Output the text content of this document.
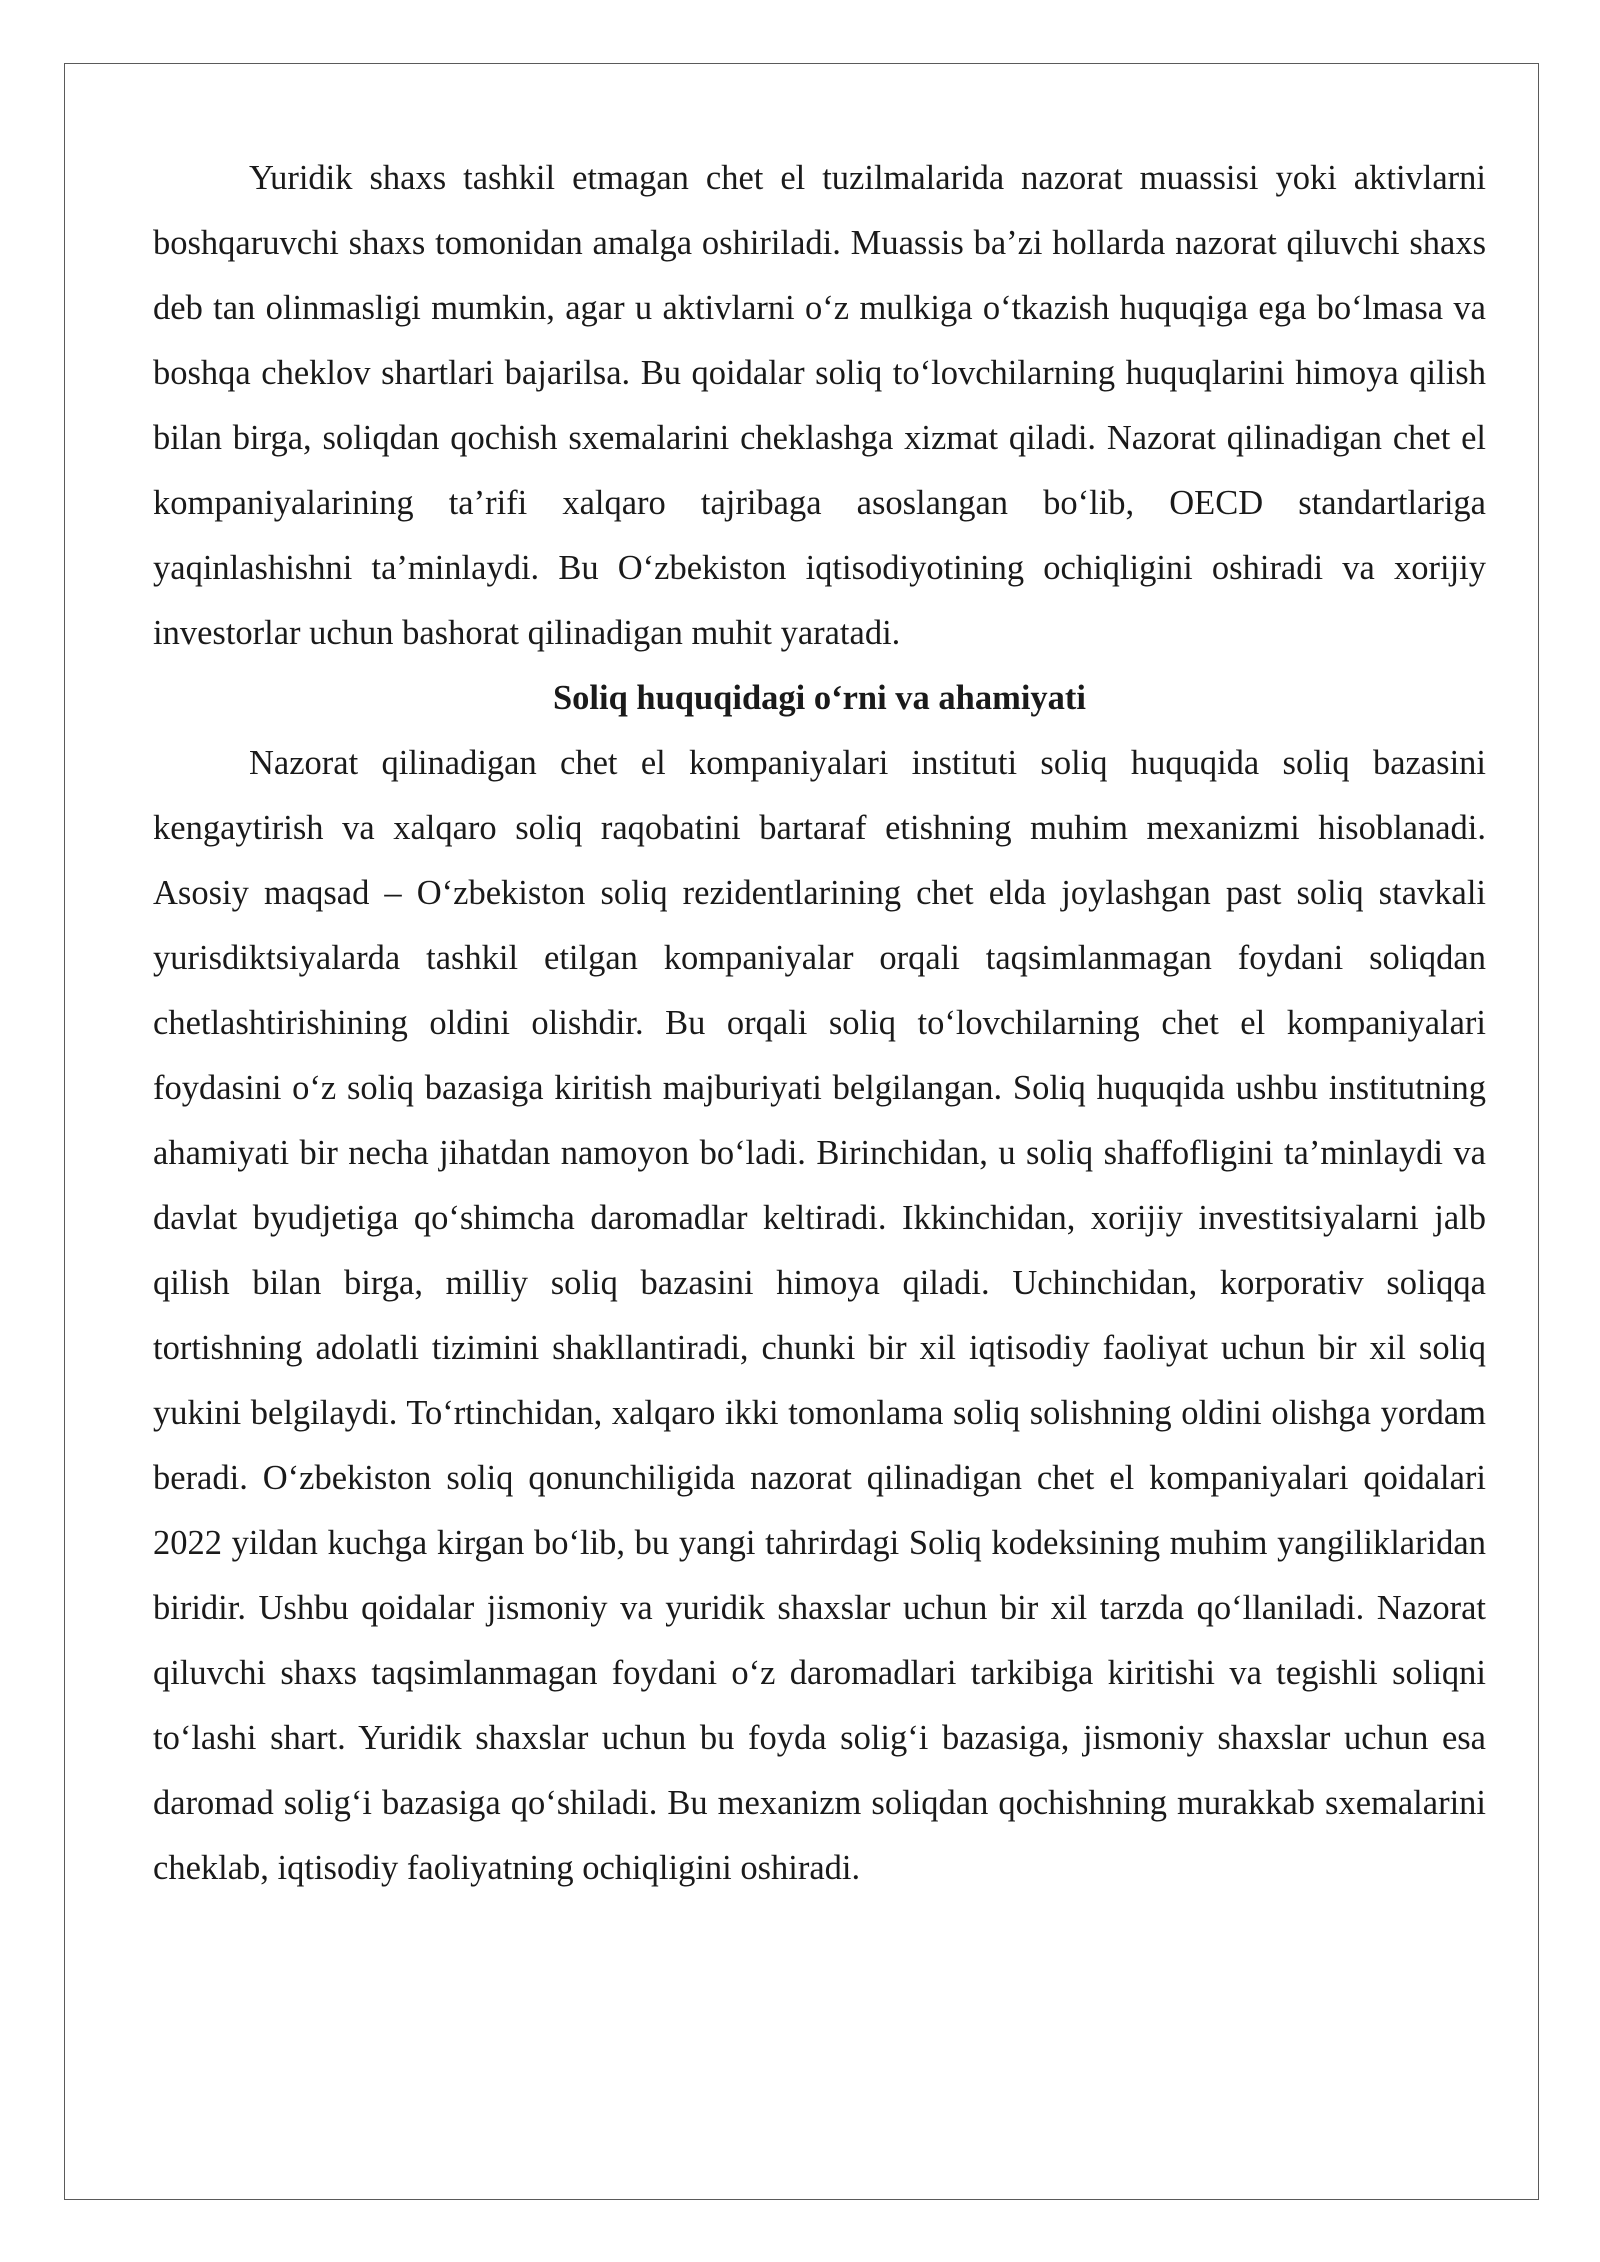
Yuridik shaxs tashkil etmagan chet el tuzilmalarida nazorat muassisi yoki aktivlarni boshqaruvchi shaxs tomonidan amalga oshiriladi. Muassis ba’zi hollarda nazorat qiluvchi shaxs deb tan olinmasligi mumkin, agar u aktivlarni o‘z mulkiga o‘tkazish huquqiga ega bo‘lmasa va boshqa cheklov shartlari bajarilsa. Bu qoidalar soliq to‘lovchilarning huquqlarini himoya qilish bilan birga, soliqdan qochish sxemalarini cheklashga xizmat qiladi. Nazorat qilinadigan chet el kompaniyalarining ta’rifi xalqaro tajribaga asoslangan bo‘lib, OECD standartlariga yaqinlashishni ta’minlaydi. Bu O‘zbekiston iqtisodiyotining ochiqligini oshiradi va xorijiy investorlar uchun bashorat qilinadigan muhit yaratadi.

Soliq huquqidagi o‘rni va ahamiyati

Nazorat qilinadigan chet el kompaniyalari instituti soliq huquqida soliq bazasini kengaytirish va xalqaro soliq raqobatini bartaraf etishning muhim mexanizmi hisoblanadi. Asosiy maqsad – O‘zbekiston soliq rezidentlarining chet elda joylashgan past soliq stavkali yurisdiktsiyalarda tashkil etilgan kompaniyalar orqali taqsimlanmagan foydani soliqdan chetlashtirishining oldini olishdir. Bu orqali soliq to‘lovchilarning chet el kompaniyalari foydasini o‘z soliq bazasiga kiritish majburiyati belgilangan. Soliq huquqida ushbu institutning ahamiyati bir necha jihatdan namoyon bo‘ladi. Birinchidan, u soliq shaffofligini ta’minlaydi va davlat byudjetiga qo‘shimcha daromadlar keltiradi. Ikkinchidan, xorijiy investitsiyalarni jalb qilish bilan birga, milliy soliq bazasini himoya qiladi. Uchinchidan, korporativ soliqqa tortishning adolatli tizimini shakllantiradi, chunki bir xil iqtisodiy faoliyat uchun bir xil soliq yukini belgilaydi. To‘rtinchidan, xalqaro ikki tomonlama soliq solishning oldini olishga yordam beradi. O‘zbekiston soliq qonunchiligida nazorat qilinadigan chet el kompaniyalari qoidalari 2022 yildan kuchga kirgan bo‘lib, bu yangi tahrirdagi Soliq kodeksining muhim yangiliklaridan biridir. Ushbu qoidalar jismoniy va yuridik shaxslar uchun bir xil tarzda qo‘llaniladi. Nazorat qiluvchi shaxs taqsimlanmagan foydani o‘z daromadlari tarkibiga kiritishi va tegishli soliqni to‘lashi shart. Yuridik shaxslar uchun bu foyda solig‘i bazasiga, jismoniy shaxslar uchun esa daromad solig‘i bazasiga qo‘shiladi. Bu mexanizm soliqdan qochishning murakkab sxemalarini cheklab, iqtisodiy faoliyatning ochiqligini oshiradi.
